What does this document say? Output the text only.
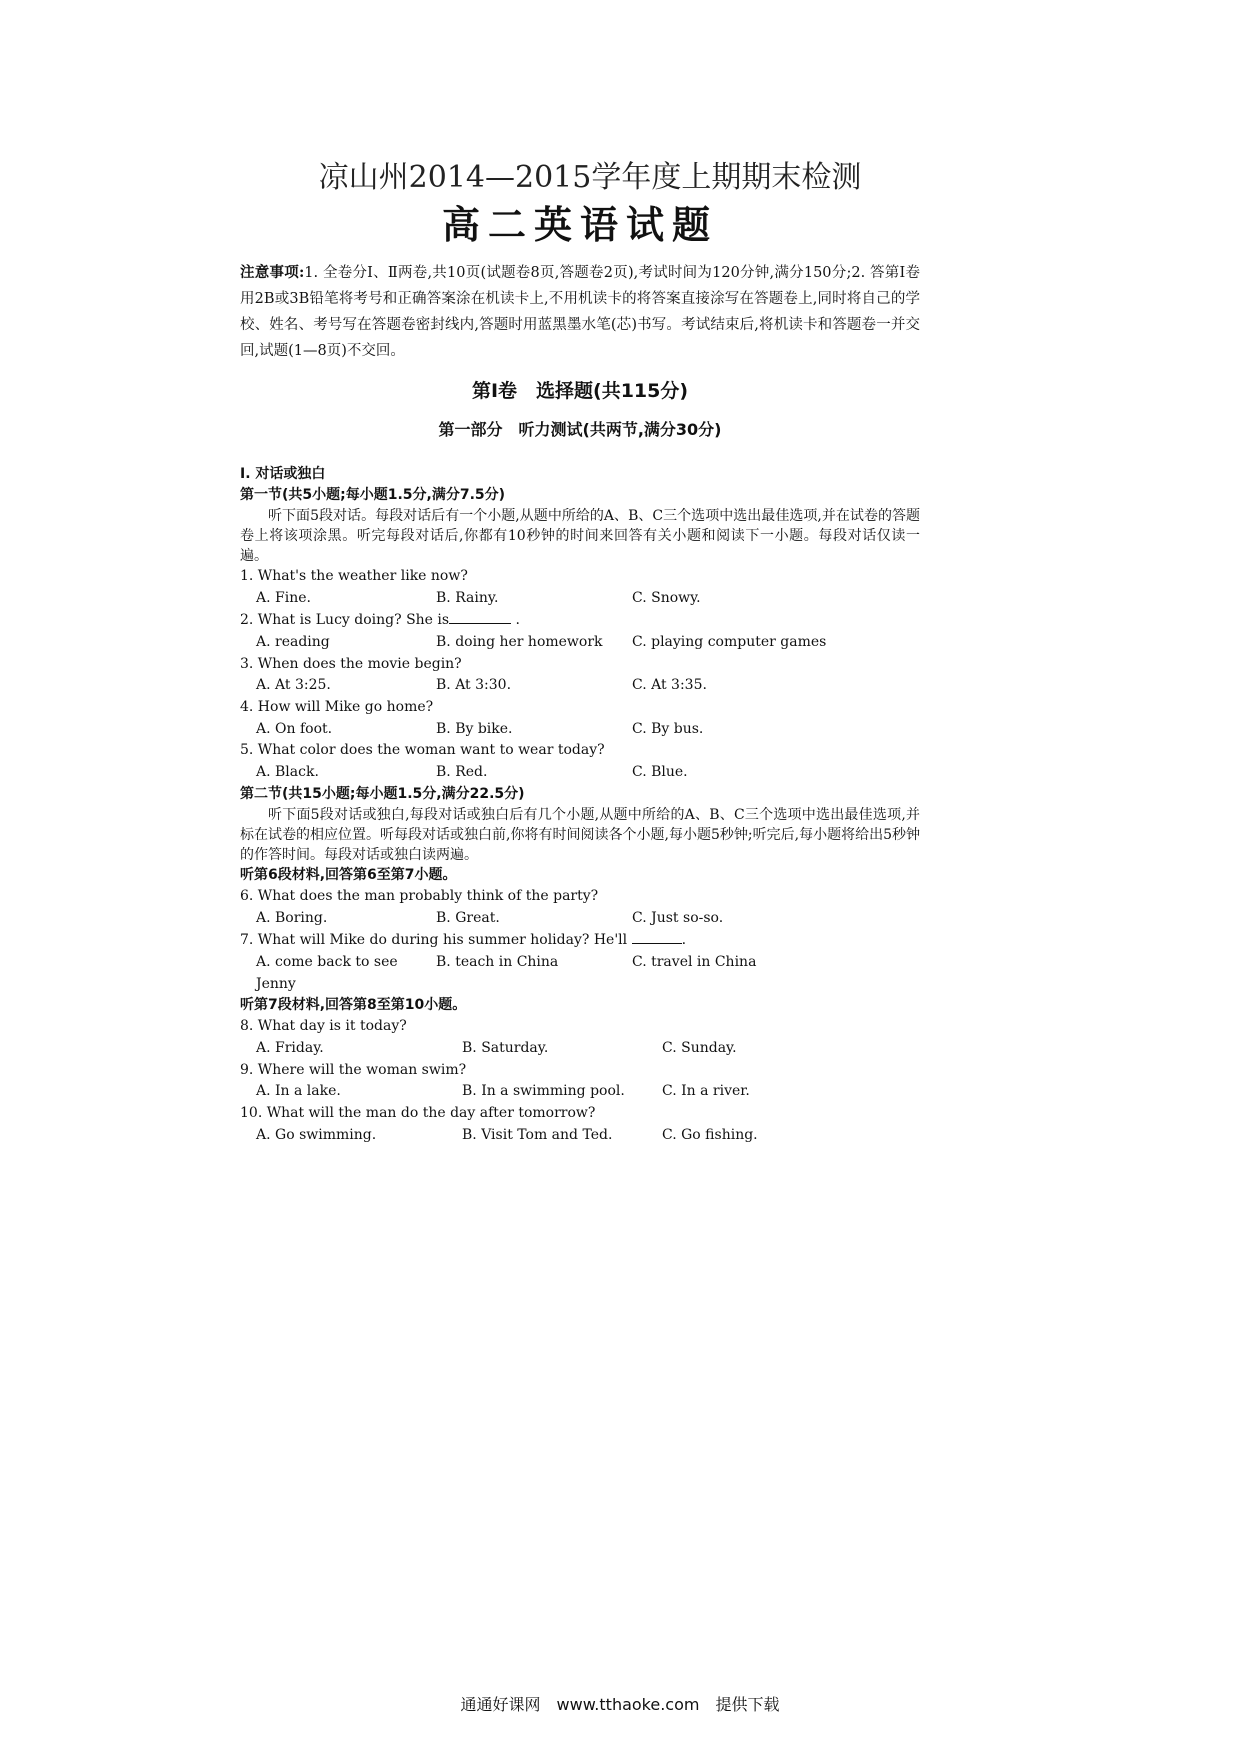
凉山州2014—2015学年度上期期末检测
高二英语试题
注意事项:1. 全卷分Ⅰ、Ⅱ两卷,共10页(试题卷8页,答题卷2页),考试时间为120分钟,满分150分;2. 答第Ⅰ卷用2B或3B铅笔将考号和正确答案涂在机读卡上,不用机读卡的将答案直接涂写在答题卷上,同时将自己的学校、姓名、考号写在答题卷密封线内,答题时用蓝黑墨水笔(芯)书写。考试结束后,将机读卡和答题卷一并交回,试题(1—8页)不交回。
第Ⅰ卷　选择题(共115分)
第一部分　听力测试(共两节,满分30分)
Ⅰ. 对话或独白
第一节(共5小题;每小题1.5分,满分7.5分)
听下面5段对话。每段对话后有一个小题,从题中所给的A、B、C三个选项中选出最佳选项,并在试卷的答题卷上将该项涂黑。听完每段对话后,你都有10秒钟的时间来回答有关小题和阅读下一小题。每段对话仅读一遍。
1. What's the weather like now?
A. Fine.	B. Rainy.	C. Snowy.
2. What is Lucy doing? She is	.
A. reading	B. doing her homework	C. playing computer games
3. When does the movie begin?
A. At 3:25.	B. At 3:30.	C. At 3:35.
4. How will Mike go home?
A. On foot.	B. By bike.	C. By bus.
5. What color does the woman want to wear today?
A. Black.	B. Red.	C. Blue.
第二节(共15小题;每小题1.5分,满分22.5分)
听下面5段对话或独白,每段对话或独白后有几个小题,从题中所给的A、B、C三个选项中选出最佳选项,并标在试卷的相应位置。听每段对话或独白前,你将有时间阅读各个小题,每小题5秒钟;听完后,每小题将给出5秒钟的作答时间。每段对话或独白读两遍。
听第6段材料,回答第6至第7小题。
6. What does the man probably think of the party?
A. Boring.	B. Great.	C. Just so-so.
7. What will Mike do during his summer holiday? He'll	.
A. come back to see Jenny
B. teach in China	C. travel in China
听第7段材料,回答第8至第10小题。
8. What day is it today?
A. Friday.	B. Saturday.	C. Sunday.
9. Where will the woman swim?
A. In a lake.	B. In a swimming pool.	C. In a river.
10. What will the man do the day after tomorrow?
A. Go swimming.	B. Visit Tom and Ted.	C. Go fishing.
通通好课网　www.tthaoke.com　提供下载
